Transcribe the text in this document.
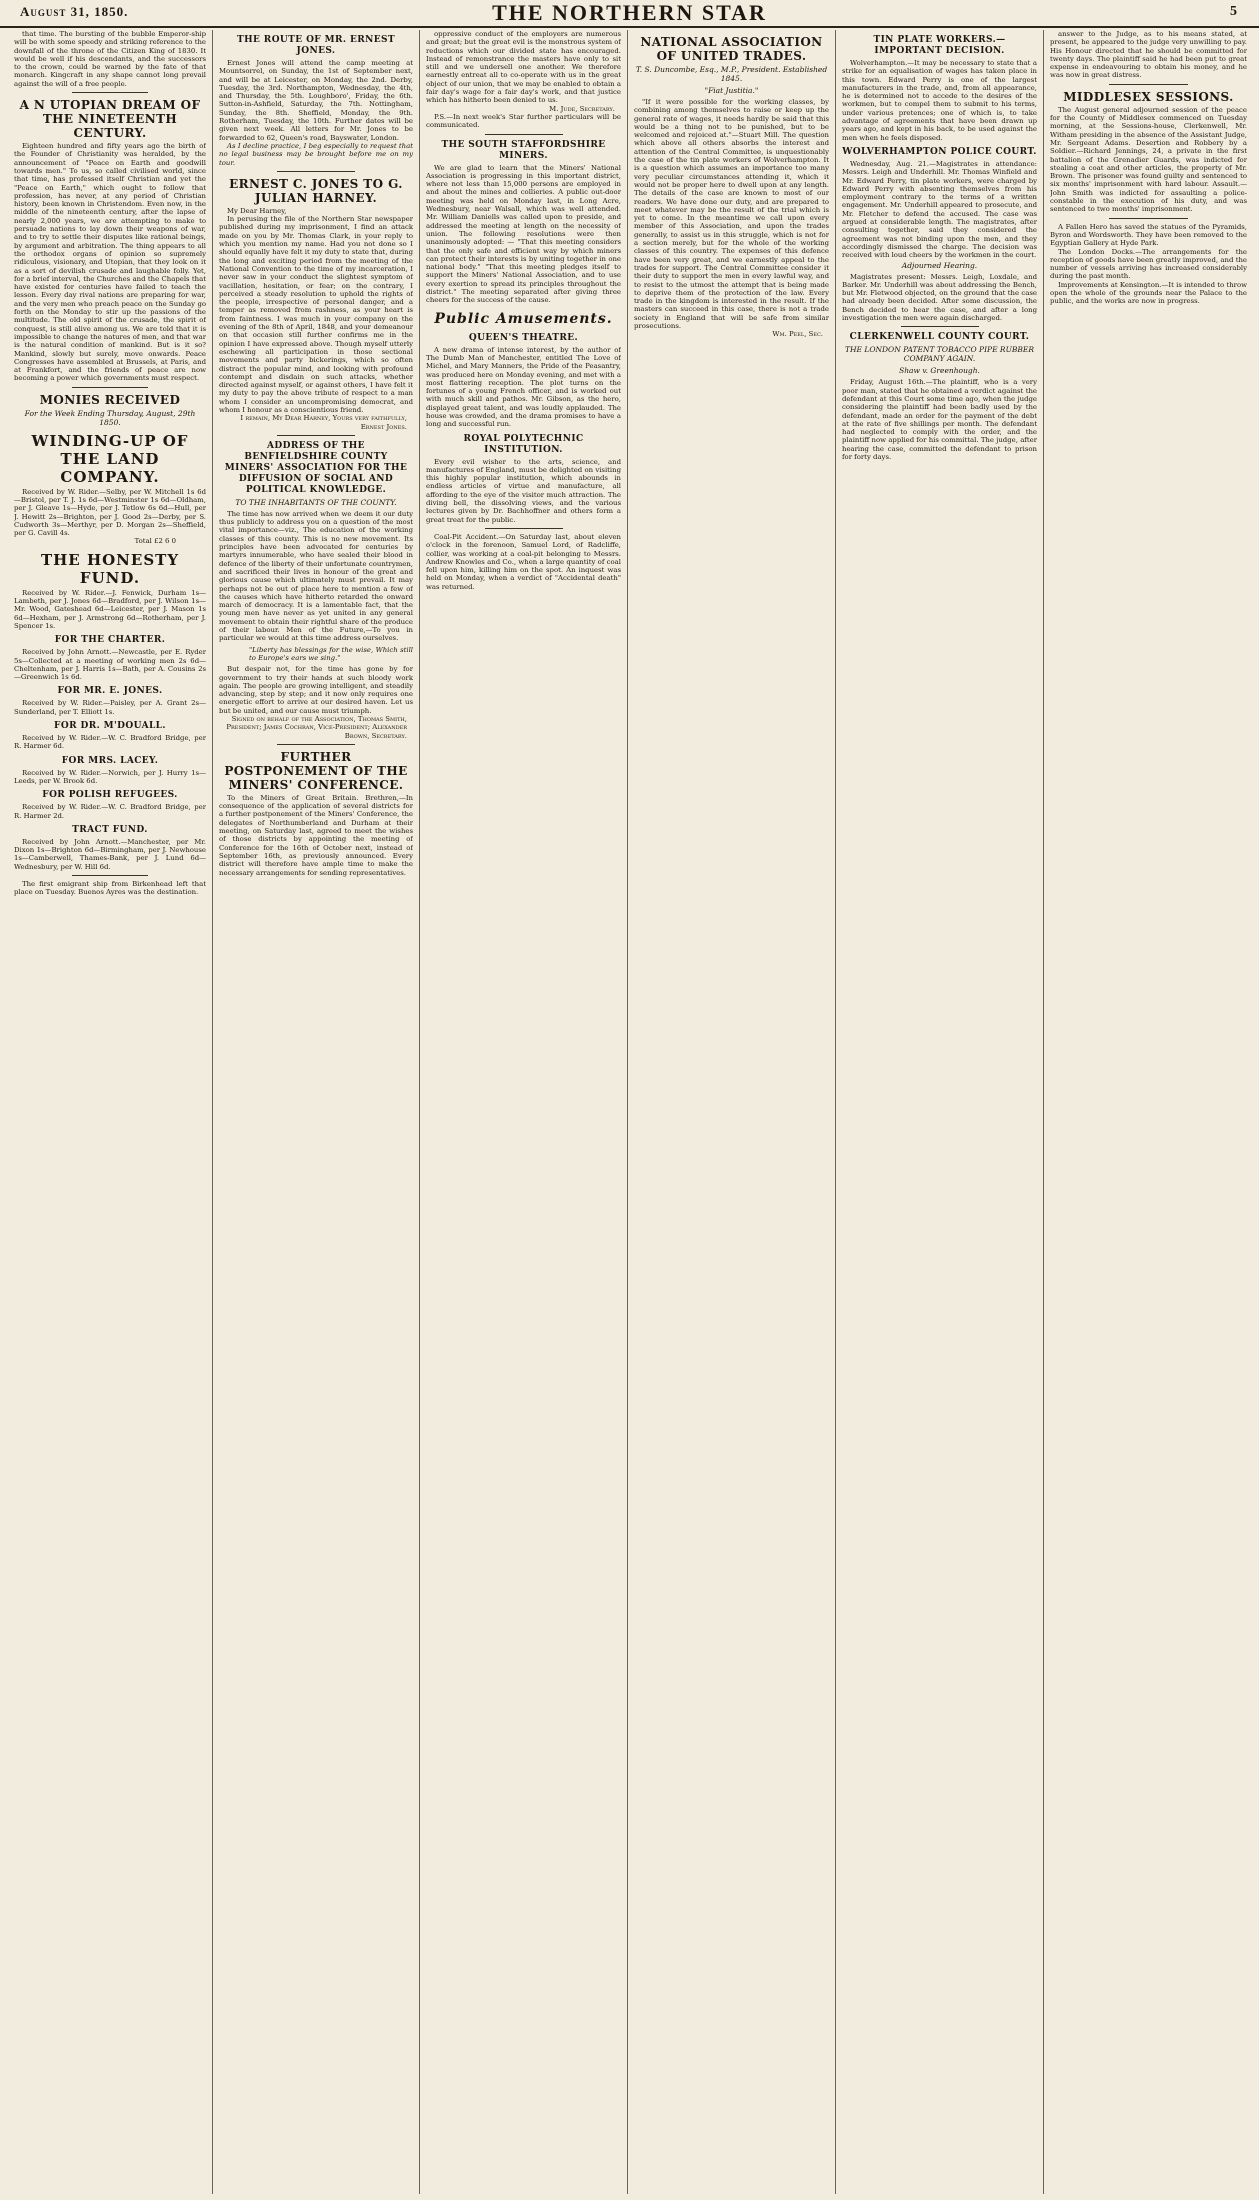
August 31, 1850.	THE NORTHERN STAR	5

that time. The bursting of the bubble Emperor-ship will be with some speedy and striking reference to the downfall of the throne of the Citizen King of 1830. It would be well if his descendants, and the successors to the crown, could be warned by the fate of that monarch. Kingcraft in any shape cannot long prevail against the will of a free people.

A N UTOPIAN DREAM OF THE NINETEENTH CENTURY.

Eighteen hundred and fifty years ago the birth of the Founder of Christianity was heralded, by the announcement of "Peace on Earth and goodwill towards men." To us, so called civilised world, since that time, has professed itself Christian and yet the "Peace on Earth," which ought to follow that profession, has never, at any period of Christian history, been known in Christendom. Even now, in the middle of the nineteenth century, after the lapse of nearly 2,000 years, we are attempting to make to persuade nations to lay down their weapons of war, and to try to settle their disputes like rational beings, by argument and arbitration. The thing appears to all the orthodox organs of opinion so supremely ridiculous, visionary, and Utopian, that they look on it as a sort of devilish crusade and laughable folly. Yet, for a brief interval, the Churches and the Chapels that have existed for centuries have failed to teach the lesson. Every day rival nations are preparing for war, and the very men who preach peace on the Sunday go forth on the Monday to stir up the passions of the multitude. The old spirit of the crusade, the spirit of conquest, is still alive among us. We are told that it is impossible to change the natures of men, and that war is the natural condition of mankind. But is it so? Mankind, slowly but surely, move onwards. Peace Congresses have assembled at Brussels, at Paris, and at Frankfort, and the friends of peace are now becoming a power which governments must respect.

MONIES RECEIVED
For the Week Ending Thursday, August, 29th 1850.
WINDING-UP OF THE LAND COMPANY.

Received by W. Rider.—Selby, per W. Mitchell 1s 6d—Bristol, per T. J. 1s 6d—Westminster 1s 6d—Oldham, per J. Gleave 1s—Hyde, per J. Tetlow 6s 6d—Hull, per J. Hewitt 2s—Brighton, per J. Good 2s—Derby, per S. Cudworth 3s—Merthyr, per D. Morgan 2s—Sheffield, per G. Cavill 4s.

Total £2 6 0

THE HONESTY FUND.

Received by W. Rider.—J. Fenwick, Durham 1s—Lambeth, per J. Jones 6d—Bradford, per J. Wilson 1s—Mr. Wood, Gateshead 6d—Leicester, per J. Mason 1s 6d—Hexham, per J. Armstrong 6d—Rotherham, per J. Spencer 1s.

FOR THE CHARTER.

Received by John Arnott.—Newcastle, per E. Ryder 5s—Collected at a meeting of working men 2s 6d—Cheltenham, per J. Harris 1s—Bath, per A. Cousins 2s—Greenwich 1s 6d.

FOR MR. E. JONES.

Received by W. Rider.—Paisley, per A. Grant 2s—Sunderland, per T. Elliott 1s.

FOR DR. M'DOUALL.

Received by W. Rider.—W. C. Bradford Bridge, per R. Harmer 6d.

FOR MRS. LACEY.

Received by W. Rider.—Norwich, per J. Hurry 1s—Leeds, per W. Brook 6d.

FOR POLISH REFUGEES.

Received by W. Rider.—W. C. Bradford Bridge, per R. Harmer 2d.

TRACT FUND.

Received by John Arnott.—Manchester, per Mr. Dixon 1s—Brighton 6d—Birmingham, per J. Newhouse 1s—Camberwell, Thames-Bank, per J. Lund 6d—Wednesbury, per W. Hill 6d.

The first emigrant ship from Birkenhead left that place on Tuesday. Buenos Ayres was the destination.

THE ROUTE OF MR. ERNEST JONES.

Ernest Jones will attend the camp meeting at Mountsorrel, on Sunday, the 1st of September next, and will be at Leicester, on Monday, the 2nd. Derby, Tuesday, the 3rd. Northampton, Wednesday, the 4th, and Thursday, the 5th. Loughboro', Friday, the 6th. Sutton-in-Ashfield, Saturday, the 7th. Nottingham, Sunday, the 8th. Sheffield, Monday, the 9th. Rotherham, Tuesday, the 10th. Further dates will be given next week. All letters for Mr. Jones to be forwarded to 62, Queen's road, Bayswater, London.

As I decline practice, I beg especially to request that no legal business may be brought before me on my tour.

ERNEST C. JONES TO G. JULIAN HARNEY.

My Dear Harney,

In perusing the file of the Northern Star newspaper published during my imprisonment, I find an attack made on you by Mr. Thomas Clark, in your reply to which you mention my name. Had you not done so I should equally have felt it my duty to state that, during the long and exciting period from the meeting of the National Convention to the time of my incarceration, I never saw in your conduct the slightest symptom of vacillation, hesitation, or fear; on the contrary, I perceived a steady resolution to uphold the rights of the people, irrespective of personal danger, and a temper as removed from rashness, as your heart is from faintness. I was much in your company on the evening of the 8th of April, 1848, and your demeanour on that occasion still further confirms me in the opinion I have expressed above. Though myself utterly eschewing all participation in those sectional movements and party bickerings, which so often distract the popular mind, and looking with profound contempt and disdain on such attacks, whether directed against myself, or against others, I have felt it my duty to pay the above tribute of respect to a man whom I consider an uncompromising democrat, and whom I honour as a conscientious friend.

I remain, My Dear Harney, Yours very faithfully,

Ernest Jones.

ADDRESS OF THE BENFIELDSHIRE COUNTY MINERS' ASSOCIATION FOR THE DIFFUSION OF SOCIAL AND POLITICAL KNOWLEDGE.
TO THE INHABITANTS OF THE COUNTY.

The time has now arrived when we deem it our duty thus publicly to address you on a question of the most vital importance—viz., The education of the working classes of this county. This is no new movement. Its principles have been advocated for centuries by martyrs innumerable, who have sealed their blood in defence of the liberty of their unfortunate countrymen, and sacrificed their lives in honour of the great and glorious cause which ultimately must prevail. It may perhaps not be out of place here to mention a few of the causes which have hitherto retarded the onward march of democracy. It is a lamentable fact, that the young men have never as yet united in any general movement to obtain their rightful share of the produce of their labour. Men of the Future,—To you in particular we would at this time address ourselves.

"Liberty has blessings for the wise, Which still to Europe's ears we sing."

But despair not, for the time has gone by for government to try their hands at such bloody work again. The people are growing intelligent, and steadily advancing, step by step; and it now only requires one energetic effort to arrive at our desired haven. Let us but be united, and our cause must triumph.

Signed on behalf of the Association, Thomas Smith, President; James Cochran, Vice-President; Alexander Brown, Secretary.

FURTHER POSTPONEMENT OF THE MINERS' CONFERENCE.

To the Miners of Great Britain. Brethren,—In consequence of the application of several districts for a further postponement of the Miners' Conference, the delegates of Northumberland and Durham at their meeting, on Saturday last, agreed to meet the wishes of those districts by appointing the meeting of Conference for the 16th of October next, instead of September 16th, as previously announced. Every district will therefore have ample time to make the necessary arrangements for sending representatives.

oppressive conduct of the employers are numerous and great; but the great evil is the monstrous system of reductions which our divided state has encouraged. Instead of remonstrance the masters have only to sit still and we undersell one another. We therefore earnestly entreat all to co-operate with us in the great object of our union, that we may be enabled to obtain a fair day's wage for a fair day's work, and that justice which has hitherto been denied to us.

M. Jude, Secretary.

P.S.—In next week's Star further particulars will be communicated.

THE SOUTH STAFFORDSHIRE MINERS.

We are glad to learn that the Miners' National Association is progressing in this important district, where not less than 15,000 persons are employed in and about the mines and collieries. A public out-door meeting was held on Monday last, in Long Acre, Wednesbury, near Walsall, which was well attended. Mr. William Daniells was called upon to preside, and addressed the meeting at length on the necessity of union. The following resolutions were then unanimously adopted: — "That this meeting considers that the only safe and efficient way by which miners can protect their interests is by uniting together in one national body." "That this meeting pledges itself to support the Miners' National Association, and to use every exertion to spread its principles throughout the district." The meeting separated after giving three cheers for the success of the cause.

Public Amusements.
QUEEN'S THEATRE.

A new drama of intense interest, by the author of The Dumb Man of Manchester, entitled The Love of Michel, and Mary Manners, the Pride of the Peasantry, was produced here on Monday evening, and met with a most flattering reception. The plot turns on the fortunes of a young French officer, and is worked out with much skill and pathos. Mr. Gibson, as the hero, displayed great talent, and was loudly applauded. The house was crowded, and the drama promises to have a long and successful run.

ROYAL POLYTECHNIC INSTITUTION.

Every evil wisher to the arts, science, and manufactures of England, must be delighted on visiting this highly popular institution, which abounds in endless articles of virtue and manufacture, all affording to the eye of the visitor much attraction. The diving bell, the dissolving views, and the various lectures given by Dr. Bachhoffner and others form a great treat for the public.

Coal-Pit Accident.—On Saturday last, about eleven o'clock in the forenoon, Samuel Lord, of Radcliffe, collier, was working at a coal-pit belonging to Messrs. Andrew Knowles and Co., when a large quantity of coal fell upon him, killing him on the spot. An inquest was held on Monday, when a verdict of "Accidental death" was returned.

NATIONAL ASSOCIATION OF UNITED TRADES.
T. S. Duncombe, Esq., M.P., President. Established 1845.
"Fiat Justitia."

"If it were possible for the working classes, by combining among themselves to raise or keep up the general rate of wages, it needs hardly be said that this would be a thing not to be punished, but to be welcomed and rejoiced at."—Stuart Mill. The question which above all others absorbs the interest and attention of the Central Committee, is unquestionably the case of the tin plate workers of Wolverhampton. It is a question which assumes an importance too many very peculiar circumstances attending it, which it would not be proper here to dwell upon at any length. The details of the case are known to most of our readers. We have done our duty, and are prepared to meet whatever may be the result of the trial which is yet to come. In the meantime we call upon every member of this Association, and upon the trades generally, to assist us in this struggle, which is not for a section merely, but for the whole of the working classes of this country. The expenses of this defence have been very great, and we earnestly appeal to the trades for support. The Central Committee consider it their duty to support the men in every lawful way, and to resist to the utmost the attempt that is being made to deprive them of the protection of the law. Every trade in the kingdom is interested in the result. If the masters can succeed in this case, there is not a trade society in England that will be safe from similar prosecutions.

Wm. Peel, Sec.

TIN PLATE WORKERS.—IMPORTANT DECISION.

Wolverhampton.—It may be necessary to state that a strike for an equalisation of wages has taken place in this town. Edward Perry is one of the largest manufacturers in the trade, and, from all appearance, he is determined not to accede to the desires of the workmen, but to compel them to submit to his terms, under various pretences; one of which is, to take advantage of agreements that have been drawn up years ago, and kept in his back, to be used against the men when he feels disposed.

WOLVERHAMPTON POLICE COURT.

Wednesday, Aug. 21.—Magistrates in attendance: Messrs. Leigh and Underhill. Mr. Thomas Winfield and Mr. Edward Perry, tin plate workers, were charged by Edward Perry with absenting themselves from his employment contrary to the terms of a written engagement. Mr. Underhill appeared to prosecute, and Mr. Fletcher to defend the accused. The case was argued at considerable length. The magistrates, after consulting together, said they considered the agreement was not binding upon the men, and they accordingly dismissed the charge. The decision was received with loud cheers by the workmen in the court.

Adjourned Hearing.

Magistrates present: Messrs. Leigh, Loxdale, and Barker. Mr. Underhill was about addressing the Bench, but Mr. Fletwood objected, on the ground that the case had already been decided. After some discussion, the Bench decided to hear the case, and after a long investigation the men were again discharged.

CLERKENWELL COUNTY COURT.
THE LONDON PATENT TOBACCO PIPE RUBBER COMPANY AGAIN.
Shaw v. Greenhough.

Friday, August 16th.—The plaintiff, who is a very poor man, stated that he obtained a verdict against the defendant at this Court some time ago, when the judge considering the plaintiff had been badly used by the defendant, made an order for the payment of the debt at the rate of five shillings per month. The defendant had neglected to comply with the order, and the plaintiff now applied for his committal. The judge, after hearing the case, committed the defendant to prison for forty days.

answer to the Judge, as to his means stated, at present, he appeared to the judge very unwilling to pay. His Honour directed that he should be committed for twenty days. The plaintiff said he had been put to great expense in endeavouring to obtain his money, and he was now in great distress.

MIDDLESEX SESSIONS.

The August general adjourned session of the peace for the County of Middlesex commenced on Tuesday morning, at the Sessions-house, Clerkenwell, Mr. Witham presiding in the absence of the Assistant Judge, Mr. Sergeant Adams. Desertion and Robbery by a Soldier.—Richard Jennings, 24, a private in the first battalion of the Grenadier Guards, was indicted for stealing a coat and other articles, the property of Mr. Brown. The prisoner was found guilty and sentenced to six months' imprisonment with hard labour. Assault.—John Smith was indicted for assaulting a police-constable in the execution of his duty, and was sentenced to two months' imprisonment.

A Fallen Hero has saved the statues of the Pyramids, Byron and Wordsworth. They have been removed to the Egyptian Gallery at Hyde Park.

The London Docks.—The arrangements for the reception of goods have been greatly improved, and the number of vessels arriving has increased considerably during the past month.

Improvements at Kensington.—It is intended to throw open the whole of the grounds near the Palace to the public, and the works are now in progress.
